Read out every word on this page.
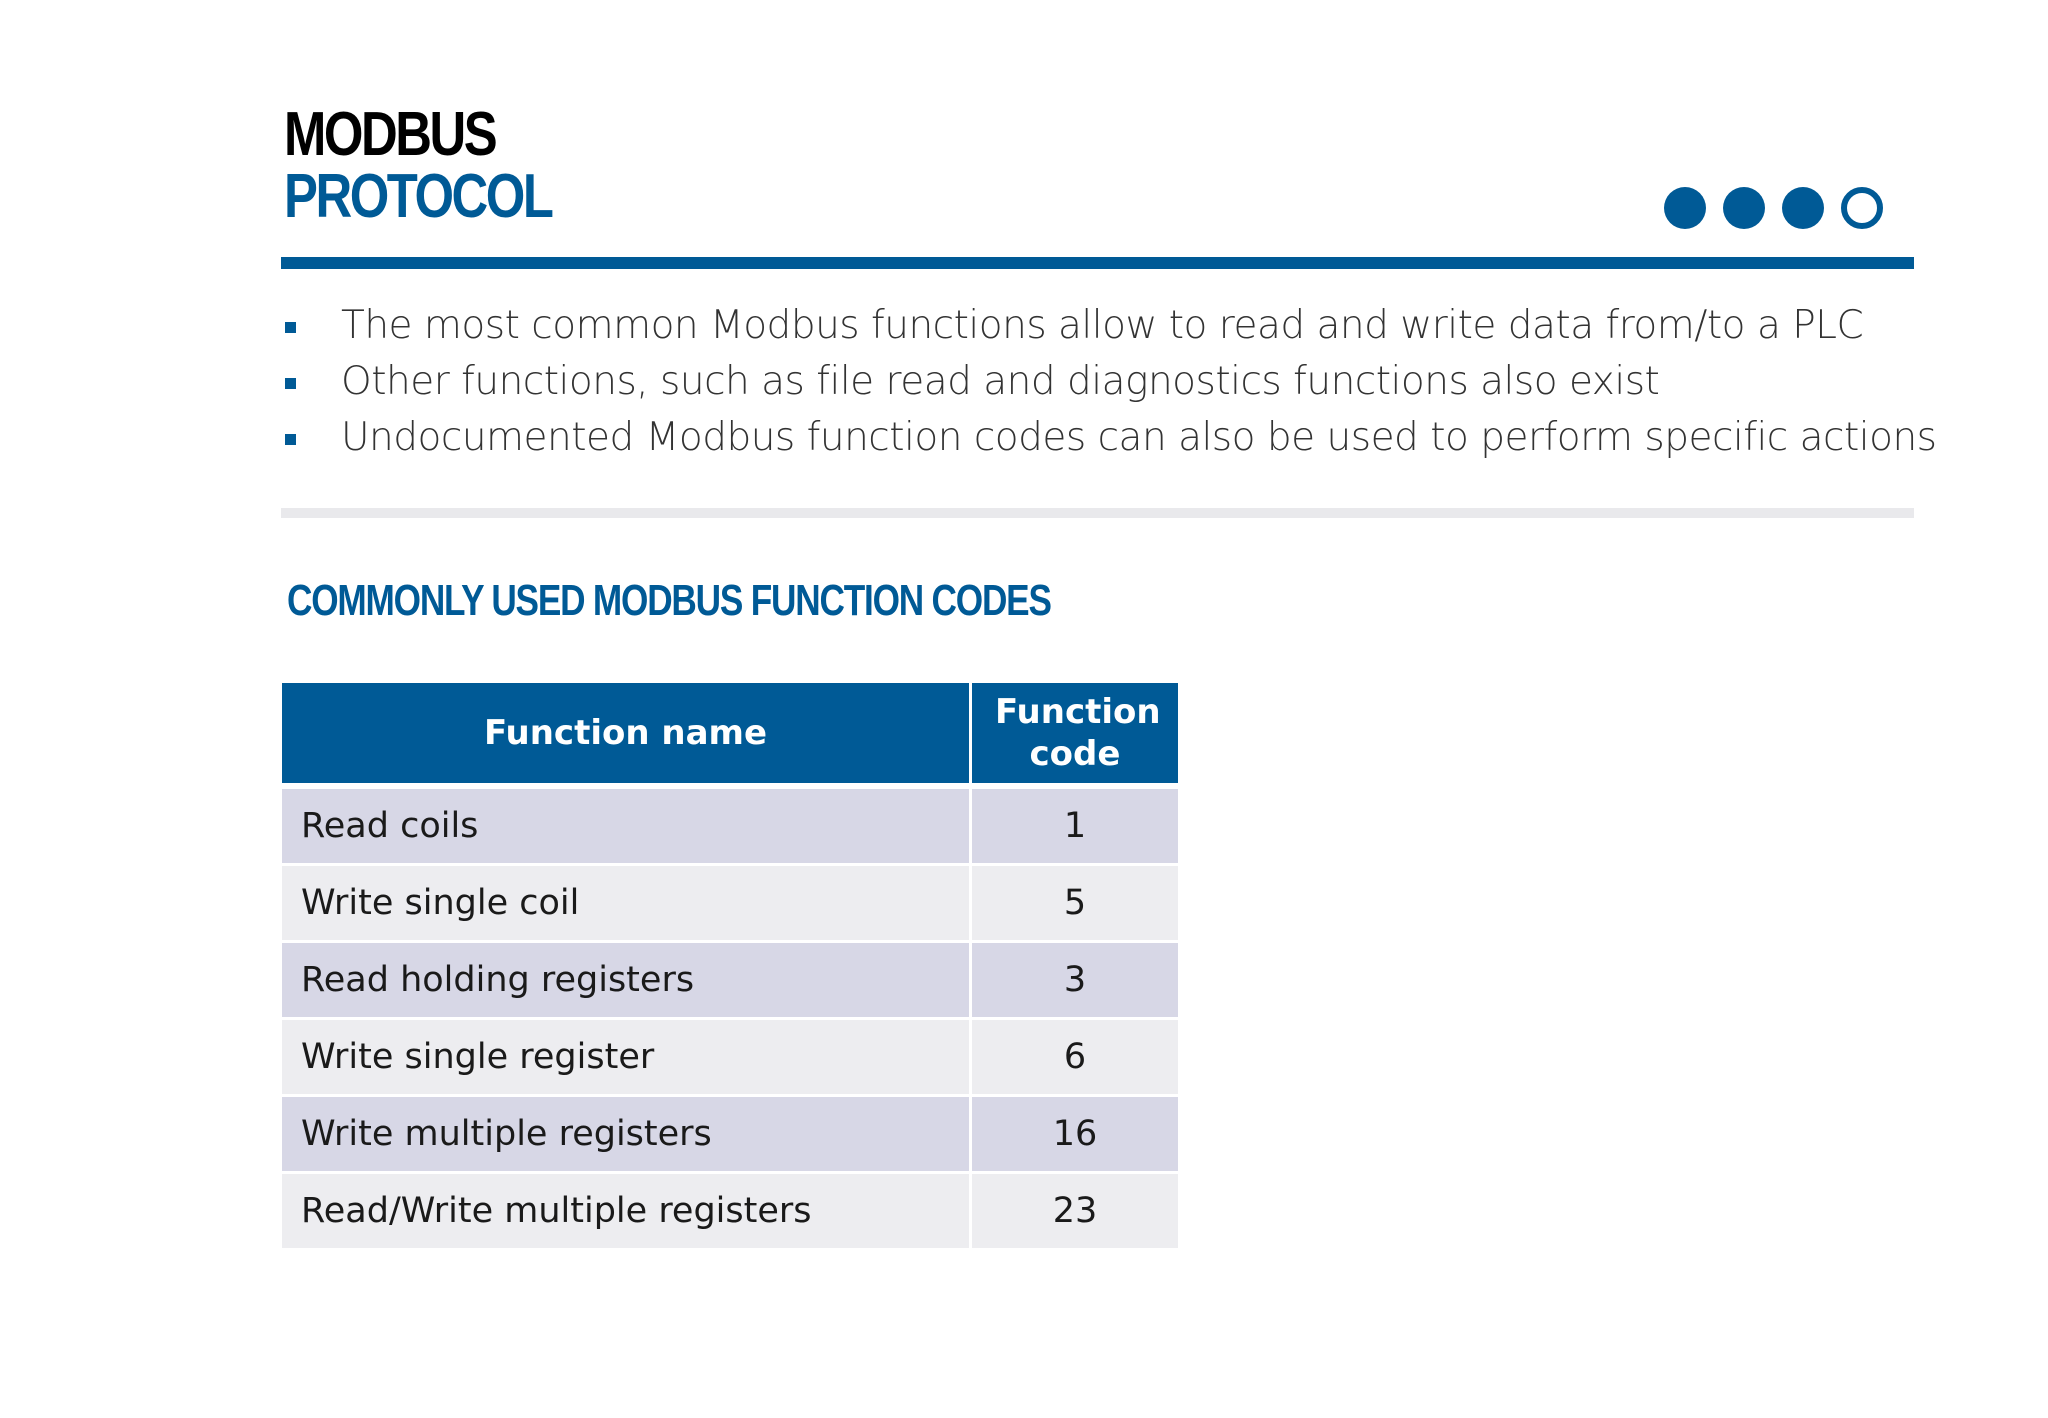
MODBUS
PROTOCOL
The most common Modbus functions allow to read and write data from/to a PLC
Other functions, such as file read and diagnostics functions also exist
Undocumented Modbus function codes can also be used to perform specific actions
COMMONLY USED MODBUS FUNCTION CODES
Function name	Function code
Read coils	1
Write single coil	5
Read holding registers	3
Write single register	6
Write multiple registers	16
Read/Write multiple registers	23
